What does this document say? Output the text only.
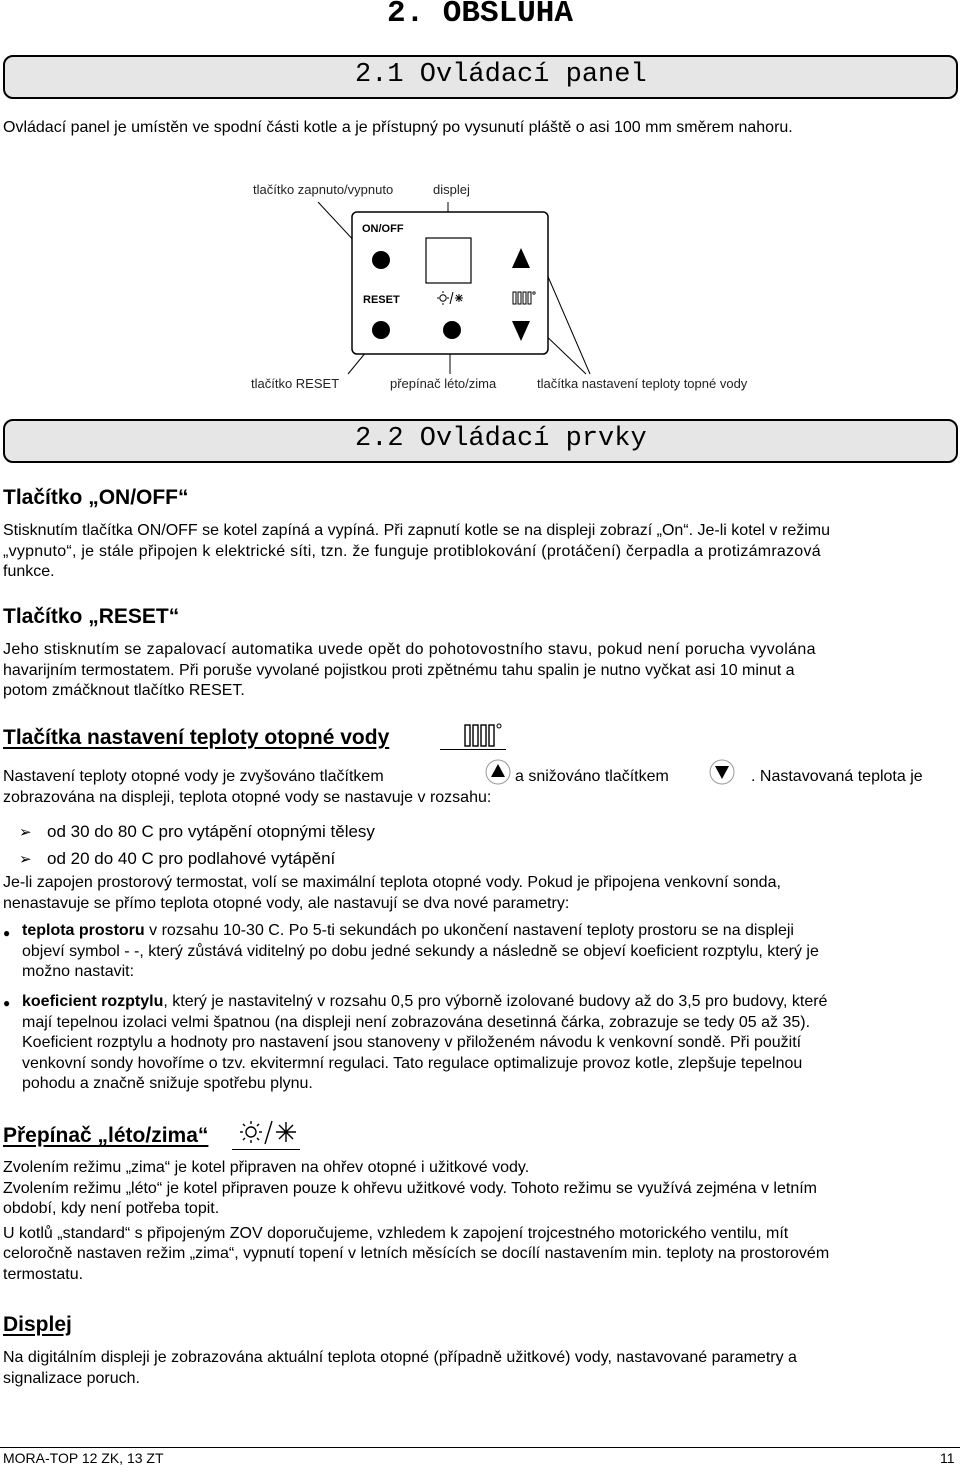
2. OBSLUHA
2.1 Ovládací panel
Ovládací panel je umístěn ve spodní části kotle a je přístupný po vysunutí pláště o asi 100 mm směrem nahoru.
tlačítko zapnuto/vypnuto	displej
ON/OFF
RESET
tlačítko RESET	přepínač léto/zima	tlačítka nastavení teploty topné vody
2.2 Ovládací prvky
Tlačítko „ON/OFF“
Stisknutím tlačítka ON/OFF se kotel zapíná a vypíná. Při zapnutí kotle se na displeji zobrazí „On“. Je-li kotel v režimu
„vypnuto“, je stále připojen k elektrické síti, tzn. že funguje protiblokování (protáčení) čerpadla a protizámrazová
funkce.
Tlačítko „RESET“
Jeho stisknutím se zapalovací automatika uvede opět do pohotovostního stavu, pokud není porucha vyvolána
havarijním termostatem. Při poruše vyvolané pojistkou proti zpětnému tahu spalin je nutno vyčkat asi 10 minut a
potom zmáčknout tlačítko RESET.
Tlačítka nastavení teploty otopné vody
Nastavení teploty otopné vody je zvyšováno tlačítkem	a snižováno tlačítkem	. Nastavovaná teplota je
zobrazována na displeji, teplota otopné vody se nastavuje v rozsahu:
➢ od 30 do 80 C pro vytápění otopnými tělesy
➢ od 20 do 40 C pro podlahové vytápění
Je-li zapojen prostorový termostat, volí se maximální teplota otopné vody. Pokud je připojena venkovní sonda,
nenastavuje se přímo teplota otopné vody, ale nastavují se dva nové parametry:
● teplota prostoru v rozsahu 10-30 C. Po 5-ti sekundách po ukončení nastavení teploty prostoru se na displeji
objeví symbol - -, který zůstává viditelný po dobu jedné sekundy a následně se objeví koeficient rozptylu, který je
možno nastavit:
● koeficient rozptylu, který je nastavitelný v rozsahu 0,5 pro výborně izolované budovy až do 3,5 pro budovy, které
mají tepelnou izolaci velmi špatnou (na displeji není zobrazována desetinná čárka, zobrazuje se tedy 05 až 35).
Koeficient rozptylu a hodnoty pro nastavení jsou stanoveny v přiloženém návodu k venkovní sondě. Při použití
venkovní sondy hovoříme o tzv. ekvitermní regulaci. Tato regulace optimalizuje provoz kotle, zlepšuje tepelnou
pohodu a značně snižuje spotřebu plynu.
Přepínač „léto/zima“
Zvolením režimu „zima“ je kotel připraven na ohřev otopné i užitkové vody.
Zvolením režimu „léto“ je kotel připraven pouze k ohřevu užitkové vody. Tohoto režimu se využívá zejména v letním
období, kdy není potřeba topit.
U kotlů „standard“ s připojeným ZOV doporučujeme, vzhledem k zapojení trojcestného motorického ventilu, mít
celoročně nastaven režim „zima“, vypnutí topení v letních měsících se docílí nastavením min. teploty na prostorovém
termostatu.
Displej
Na digitálním displeji je zobrazována aktuální teplota otopné (případně užitkové) vody, nastavované parametry a
signalizace poruch.
MORA-TOP 12 ZK, 13 ZT	11
